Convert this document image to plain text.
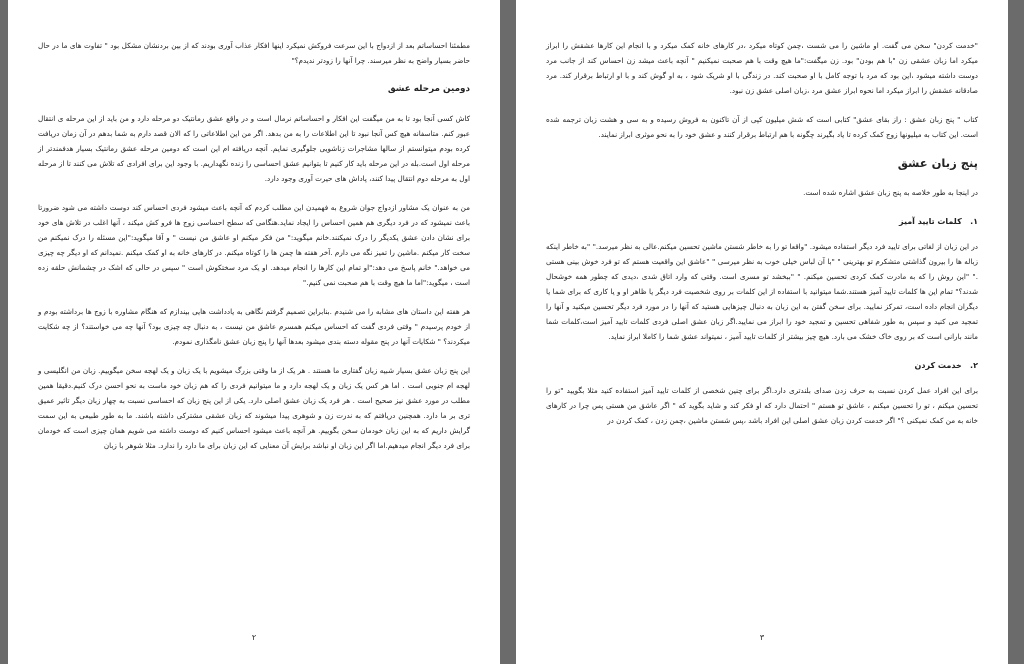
مطمئنا احساساتم بعد از ازدواج با این سرعت فروکش نمیکرد اینها افکار عذاب آوری بودند که از بین بردنشان مشکل بود " تفاوت های ما در حال حاضر بسیار واضح به نظر میرسند. چرا آنها را زودتر ندیدم؟"

دومین مرحله عشق

کاش کسی آنجا بود تا به من میگفت این افکار و احساساتم نرمال است و در واقع عشق رمانتیک دو مرحله دارد و من باید از این مرحله ی انتقال عبور کنم. متاسفانه هیچ کس آنجا نبود تا این اطلاعات را به من بدهد. اگر من این اطلاعاتی را که الان قصد دارم به شما بدهم در آن زمان دریافت کرده بودم میتوانستم از سالها مشاجرات زناشویی جلوگیری نمایم. آنچه دریافته ام این است که دومین مرحله عشق رمانتیک بسیار هدفمندتر از مرحله اول است.بله در این مرحله باید کار کنیم تا بتوانیم عشق احساسی را زنده نگهداریم. با وجود این برای افرادی که تلاش می کنند تا از مرحله اول به مرحله دوم انتقال پیدا کنند، پاداش های حیرت آوری وجود دارد.

من به عنوان یک مشاور ازدواج جوان شروع به فهمیدن این مطلب کردم که آنچه باعث میشود فردی احساس کند دوست داشته می شود ضرورتا باعث نمیشود که در فرد دیگری هم همین احساس را ایجاد نماید.هنگامی که سطح احساسی زوج ها فرو کش میکند ، آنها اغلب در تلاش های خود برای نشان دادن عشق یکدیگر را درک نمیکنند.خانم میگوید:" من فکر میکنم او عاشق من نیست " و آقا میگوید:"این مسئله را درک نمیکنم من سخت کار میکنم .ماشین را تمیز نگه می دارم .آخر هفته ها چمن ها را کوتاه میکنم. در کارهای خانه به او کمک میکنم .نمیدانم که او دیگر چه چیزی می خواهد." خانم پاسخ می دهد:"او تمام این کارها را انجام میدهد. او یک مرد سختکوش است " سپس در حالی که اشک در چشمانش حلقه زده است ، میگوید:"اما ما هیچ وقت با هم صحبت نمی کنیم."

هر هفته این داستان های مشابه را می شنیدم .بنابراین تصمیم گرفتم نگاهی به یادداشت هایی بیندازم که هنگام مشاوره با زوج ها برداشته بودم و از خودم پرسیدم " وقتی فردی گفت که احساس میکنم همسرم عاشق من نیست ، به دنبال چه چیزی بود؟ آنها چه می خواستند؟ از چه شکایت میکردند؟ " شکایات آنها در پنج مقوله دسته بندی میشود بعدها آنها را پنج زبان عشق نامگذاری نمودم.

این پنج زبان عشق بسیار شبیه زبان گفتاری ما هستند . هر یک از ما وقتی بزرگ میشویم با یک زبان و یک لهجه سخن میگوییم. زبان من انگلیسی و لهجه ام جنوبی است . اما هر کس یک زبان و یک لهجه دارد و ما میتوانیم فردی را که هم زبان خود ماست به نحو احسن درک کنیم.دقیقا همین مطلب در مورد عشق نیز صحیح است . هر فرد یک زبان عشق اصلی دارد. یکی از این پنج زبان که احساسی نسبت به چهار زبان دیگر تاثیر عمیق تری بر ما دارد. همچنین دریافتم که به ندرت زن و شوهری پیدا میشوند که زبان عشقی مشترکی داشته باشند. ما به طور طبیعی به این سمت گرایش داریم که به این زبان خودمان سخن بگوییم. هر آنچه باعث میشود احساس کنیم که دوست داشته می شویم همان چیزی است که خودمان برای فرد دیگر انجام میدهیم.اما اگر این زبان او نباشد برایش آن معنایی که این زبان برای ما دارد را ندارد. مثلا شوهر با زبان

۲

"خدمت کردن" سخن می گفت. او ماشین را می شست ،چمن کوتاه میکرد ،در کارهای خانه کمک میکرد و با انجام این کارها عشقش را ابراز میکرد اما زبان عشقی زن "با هم بودن" بود. زن میگفت:"ما هیچ وقت با هم صحبت نمیکنیم " آنچه باعث میشد زن احساس کند از جانب مرد دوست داشته میشود ،این بود که مرد با توجه کامل با او صحبت کند. در زندگی با او شریک شود ، به او گوش کند و با او ارتباط برقرار کند. مرد صادقانه عشقش را ابراز میکرد اما نحوه ابراز عشق مرد ،زبان اصلی عشق زن نبود.

کتاب " پنج زبان عشق : راز بقای عشق" کتابی است که شش میلیون کپی از آن تاکنون به فروش رسیده و به سی و هشت زبان ترجمه شده است. این کتاب به میلیونها زوج کمک کرده تا یاد بگیرند چگونه با هم ارتباط برقرار کنند و عشق خود را به نحو موثری ابراز نمایند.

پنج زبان عشق

در اینجا به طور خلاصه به پنج زبان عشق اشاره شده است.

۱.   کلمات تایید آمیز

در این زبان از لغاتی برای تایید فرد دیگر استفاده میشود. "واقعا تو را به خاطر شستن ماشین تحسین میکنم.عالی به نظر میرسد." "به خاطر اینکه زباله ها را بیرون گذاشتی متشکرم تو بهترینی " "با آن لباس خیلی خوب به نظر میرسی " "عاشق این واقعیت هستم که تو فرد خوش بینی هستی ." "این روش را که به مادرت کمک کردی تحسین میکنم. " "ببخشد تو مسری است. وقتی که وارد اتاق شدی ،دیدی که چطور همه خوشحال شدند؟" تمام این ها کلمات تایید آمیز هستند.شما میتوانید با استفاده از این کلمات بر روی شخصیت فرد دیگر یا ظاهر او و یا کاری که برای شما یا دیگران انجام داده است، تمرکز نمایید. برای سخن گفتن به این زبان به دنبال چیزهایی هستید که آنها را در مورد فرد دیگر تحسین میکنید و آنها را تمجید می کنید و سپس به طور شفاهی تحسین و تمجید خود را ابراز می نمایید.اگر زبان عشق اصلی فردی کلمات تایید آمیز است،کلمات شما مانند بارانی است که بر روی خاک خشک می بارد. هیچ چیز بیشتر از کلمات تایید آمیز ، نمیتواند عشق شما را کاملا ابراز نماید.

۲.   خدمت کردن

برای این افراد عمل کردن نسبت به حرف زدن صدای بلندتری دارد.اگر برای چنین شخصی از کلمات تایید آمیز استفاده کنید مثلا بگویید "تو را تحسین میکنم ، تو را تحسین میکنم ، عاشق تو هستم " احتمال دارد که او فکر کند و شاید بگوید که " اگر عاشق من هستی پس چرا در کارهای خانه به من کمک نمیکنی ؟" اگر خدمت کردن زبان عشق اصلی این افراد باشد ،پس شستن ماشین ،چمن زدن ، کمک کردن در

۳
